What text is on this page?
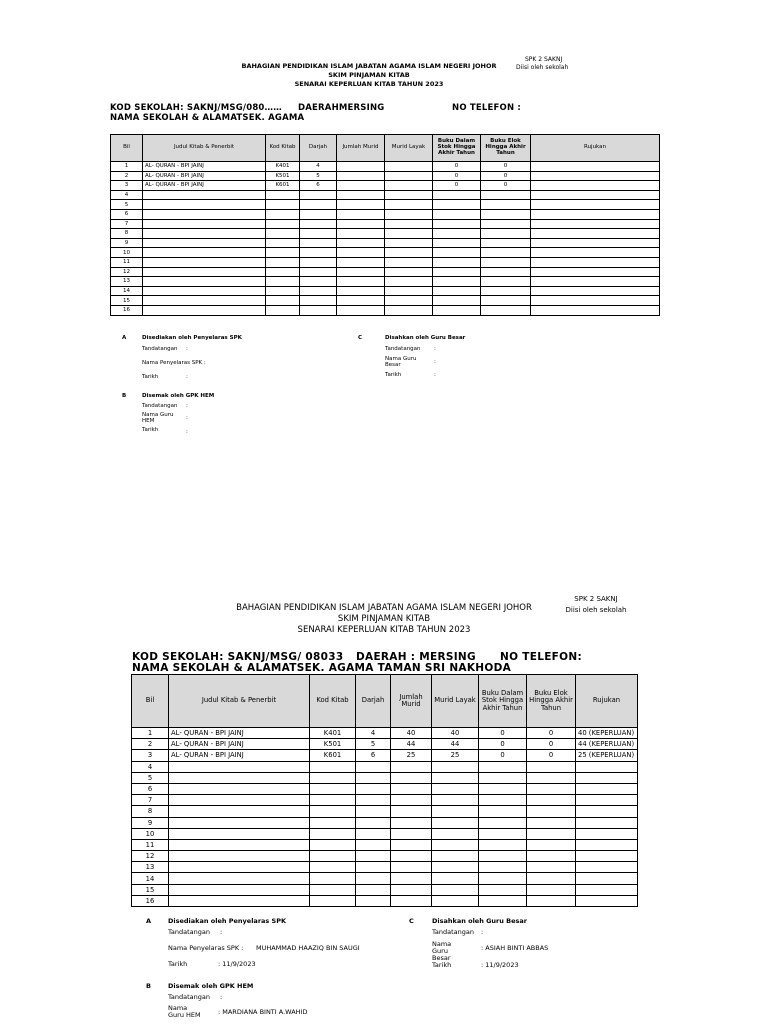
SPK 2 SAKNJ
Diisi oleh sekolah
BAHAGIAN PENDIDIKAN ISLAM JABATAN AGAMA ISLAM NEGERI JOHOR
SKIM PINJAMAN KITAB
SENARAI KEPERLUAN KITAB TAHUN 2023
KOD SEKOLAH: SAKNJ/MSG/080…… DAERAHMERSING	NO TELEFON :
NAMA SEKOLAH & ALAMATSEK. AGAMA
Bil	Judul Kitab & Penerbit	Kod Kitab	Darjah	Jumlah Murid	Murid Layak	Buku Dalam Stok Hingga Akhir Tahun	Buku Elok Hingga Akhir Tahun	Rujukan
1	AL- QURAN - BPI JAINJ	K401	4			0	0	
2	AL- QURAN - BPI JAINJ	K501	5			0	0	
3	AL- QURAN - BPI JAINJ	K601	6			0	0	
4								
5								
6								
7								
8								
9								
10								
11								
12								
13								
14								
15								
16								
A	Disediakan oleh Penyelaras SPK
Tandatangan :
Nama Penyelaras SPK :
Tarikh	:
B	Disemak oleh GPK HEM
Tandatangan :
Nama Guru HEM	:
Tarikh	:
C	Disahkan oleh Guru Besar
Tandatangan :
Nama Guru Besar	:
Tarikh	:
SPK 2 SAKNJ
Diisi oleh sekolah
BAHAGIAN PENDIDIKAN ISLAM JABATAN AGAMA ISLAM NEGERI JOHOR
SKIM PINJAMAN KITAB
SENARAI KEPERLUAN KITAB TAHUN 2023
KOD SEKOLAH: SAKNJ/MSG/ 08033 DAERAH : MERSING NO TELEFON:
NAMA SEKOLAH & ALAMATSEK. AGAMA TAMAN SRI NAKHODA
Bil	Judul Kitab & Penerbit	Kod Kitab	Darjah	Jumlah Murid	Murid Layak	Buku Dalam Stok Hingga Akhir Tahun	Buku Elok Hingga Akhir Tahun	Rujukan
1	AL- QURAN - BPI JAINJ	K401	4	40	40	0	0	40 (KEPERLUAN)
2	AL- QURAN - BPI JAINJ	K501	5	44	44	0	0	44 (KEPERLUAN)
3	AL- QURAN - BPI JAINJ	K601	6	25	25	0	0	25 (KEPERLUAN)
4								
5								
6								
7								
8								
9								
10								
11								
12								
13								
14								
15								
16								
A	Disediakan oleh Penyelaras SPK
Tandatangan :
Nama Penyelaras SPK : MUHAMMAD HAAZIQ BIN SAUGI
Tarikh	: 11/9/2023
B	Disemak oleh GPK HEM
Tandatangan :
Nama Guru HEM	: MARDIANA BINTI A.WAHID
C	Disahkan oleh Guru Besar
Tandatangan :
Nama Guru Besar
: ASIAH BINTI ABBAS
Tarikh	: 11/9/2023
